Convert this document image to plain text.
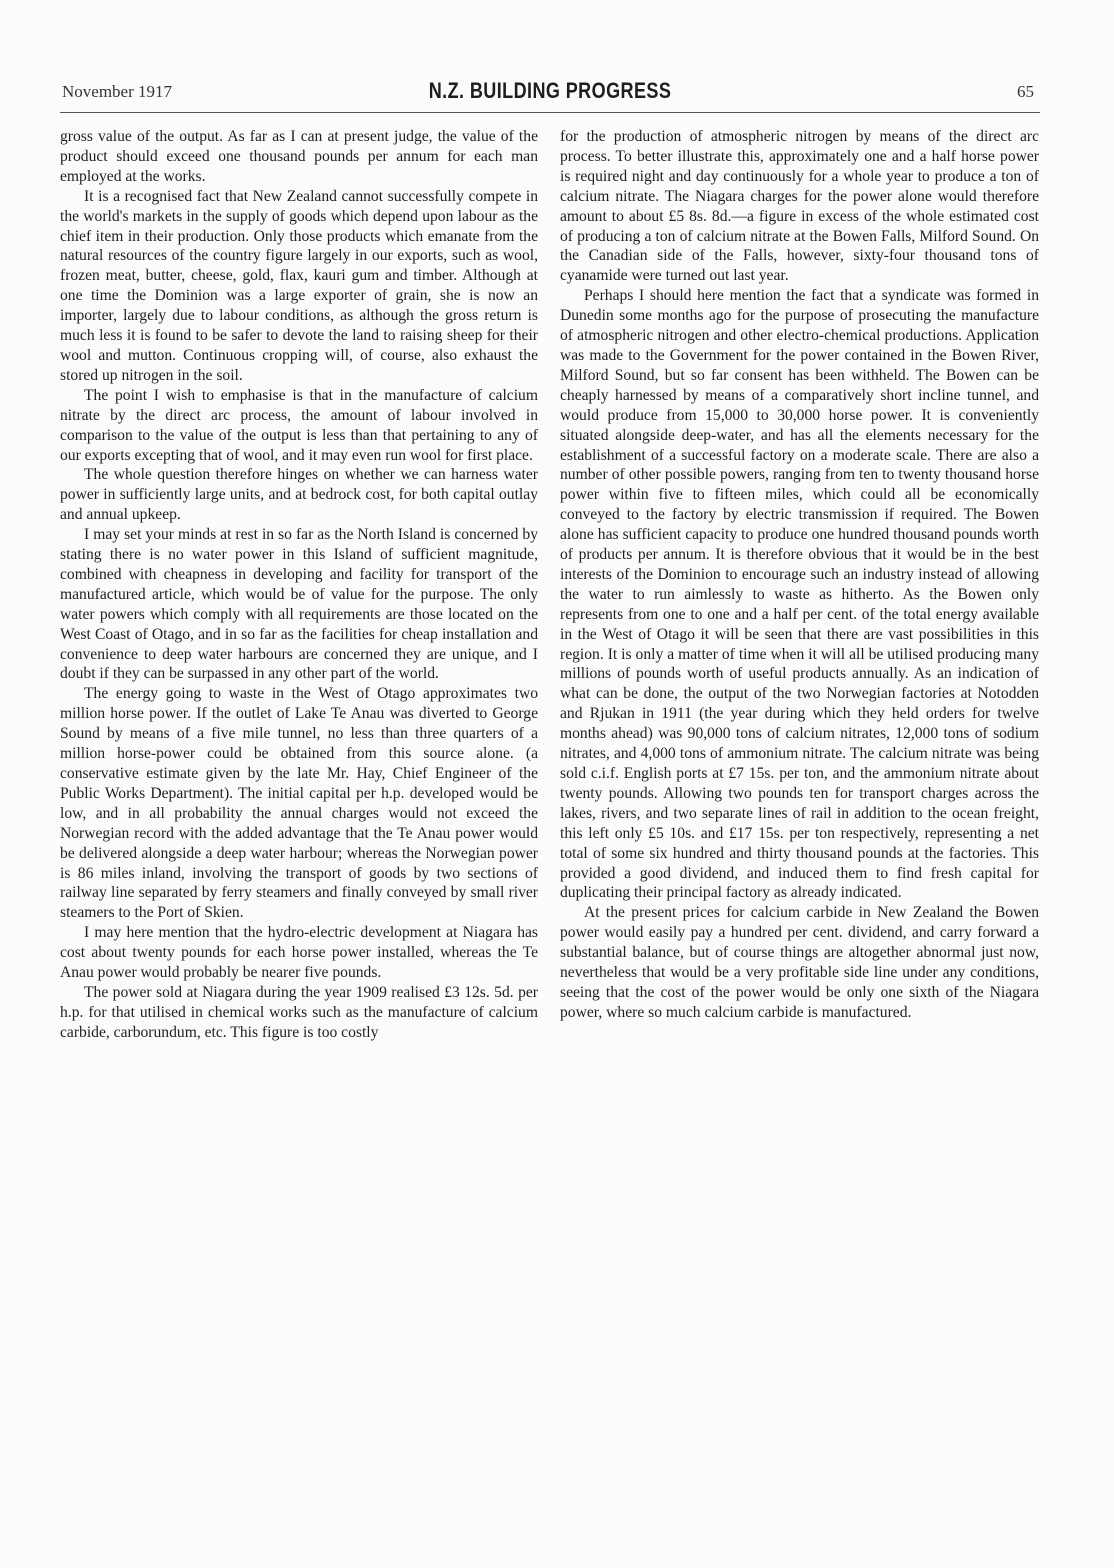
November 1917	N.Z. BUILDING PROGRESS	65

gross value of the output. As far as I can at present judge, the value of the product should exceed one thousand pounds per annum for each man employed at the works.

It is a recognised fact that New Zealand cannot successfully compete in the world's markets in the supply of goods which depend upon labour as the chief item in their production. Only those products which emanate from the natural resources of the country figure largely in our exports, such as wool, frozen meat, butter, cheese, gold, flax, kauri gum and timber. Although at one time the Dominion was a large exporter of grain, she is now an importer, largely due to labour conditions, as although the gross return is much less it is found to be safer to devote the land to raising sheep for their wool and mutton. Continuous cropping will, of course, also exhaust the stored up nitrogen in the soil.

The point I wish to emphasise is that in the manufacture of calcium nitrate by the direct arc process, the amount of labour involved in comparison to the value of the output is less than that pertaining to any of our exports excepting that of wool, and it may even run wool for first place.

The whole question therefore hinges on whether we can harness water power in sufficiently large units, and at bedrock cost, for both capital outlay and annual upkeep.

I may set your minds at rest in so far as the North Island is concerned by stating there is no water power in this Island of sufficient magnitude, combined with cheapness in developing and facility for transport of the manufactured article, which would be of value for the purpose. The only water powers which comply with all requirements are those located on the West Coast of Otago, and in so far as the facilities for cheap installation and convenience to deep water harbours are concerned they are unique, and I doubt if they can be surpassed in any other part of the world.

The energy going to waste in the West of Otago approximates two million horse power. If the outlet of Lake Te Anau was diverted to George Sound by means of a five mile tunnel, no less than three quarters of a million horse-power could be obtained from this source alone. (a conservative estimate given by the late Mr. Hay, Chief Engineer of the Public Works Department). The initial capital per h.p. developed would be low, and in all probability the annual charges would not exceed the Norwegian record with the added advantage that the Te Anau power would be delivered alongside a deep water harbour; whereas the Norwegian power is 86 miles inland, involving the transport of goods by two sections of railway line separated by ferry steamers and finally conveyed by small river steamers to the Port of Skien.

I may here mention that the hydro-electric development at Niagara has cost about twenty pounds for each horse power installed, whereas the Te Anau power would probably be nearer five pounds.

The power sold at Niagara during the year 1909 realised £3 12s. 5d. per h.p. for that utilised in chemical works such as the manufacture of calcium carbide, carborundum, etc. This figure is too costly

for the production of atmospheric nitrogen by means of the direct arc process. To better illustrate this, approximately one and a half horse power is required night and day continuously for a whole year to produce a ton of calcium nitrate. The Niagara charges for the power alone would therefore amount to about £5 8s. 8d.—a figure in excess of the whole estimated cost of producing a ton of calcium nitrate at the Bowen Falls, Milford Sound. On the Canadian side of the Falls, however, sixty-four thousand tons of cyanamide were turned out last year.

Perhaps I should here mention the fact that a syndicate was formed in Dunedin some months ago for the purpose of prosecuting the manufacture of atmospheric nitrogen and other electro-chemical productions. Application was made to the Government for the power contained in the Bowen River, Milford Sound, but so far consent has been withheld. The Bowen can be cheaply harnessed by means of a comparatively short incline tunnel, and would produce from 15,000 to 30,000 horse power. It is conveniently situated alongside deep-water, and has all the elements necessary for the establishment of a successful factory on a moderate scale. There are also a number of other possible powers, ranging from ten to twenty thousand horse power within five to fifteen miles, which could all be economically conveyed to the factory by electric transmission if required. The Bowen alone has sufficient capacity to produce one hundred thousand pounds worth of products per annum. It is therefore obvious that it would be in the best interests of the Dominion to encourage such an industry instead of allowing the water to run aimlessly to waste as hitherto. As the Bowen only represents from one to one and a half per cent. of the total energy available in the West of Otago it will be seen that there are vast possibilities in this region. It is only a matter of time when it will all be utilised producing many millions of pounds worth of useful products annually. As an indication of what can be done, the output of the two Norwegian factories at Notodden and Rjukan in 1911 (the year during which they held orders for twelve months ahead) was 90,000 tons of calcium nitrates, 12,000 tons of sodium nitrates, and 4,000 tons of ammonium nitrate. The calcium nitrate was being sold c.i.f. English ports at £7 15s. per ton, and the ammonium nitrate about twenty pounds. Allowing two pounds ten for transport charges across the lakes, rivers, and two separate lines of rail in addition to the ocean freight, this left only £5 10s. and £17 15s. per ton respectively, representing a net total of some six hundred and thirty thousand pounds at the factories. This provided a good dividend, and induced them to find fresh capital for duplicating their principal factory as already indicated.

At the present prices for calcium carbide in New Zealand the Bowen power would easily pay a hundred per cent. dividend, and carry forward a substantial balance, but of course things are altogether abnormal just now, nevertheless that would be a very profitable side line under any conditions, seeing that the cost of the power would be only one sixth of the Niagara power, where so much calcium carbide is manufactured.
